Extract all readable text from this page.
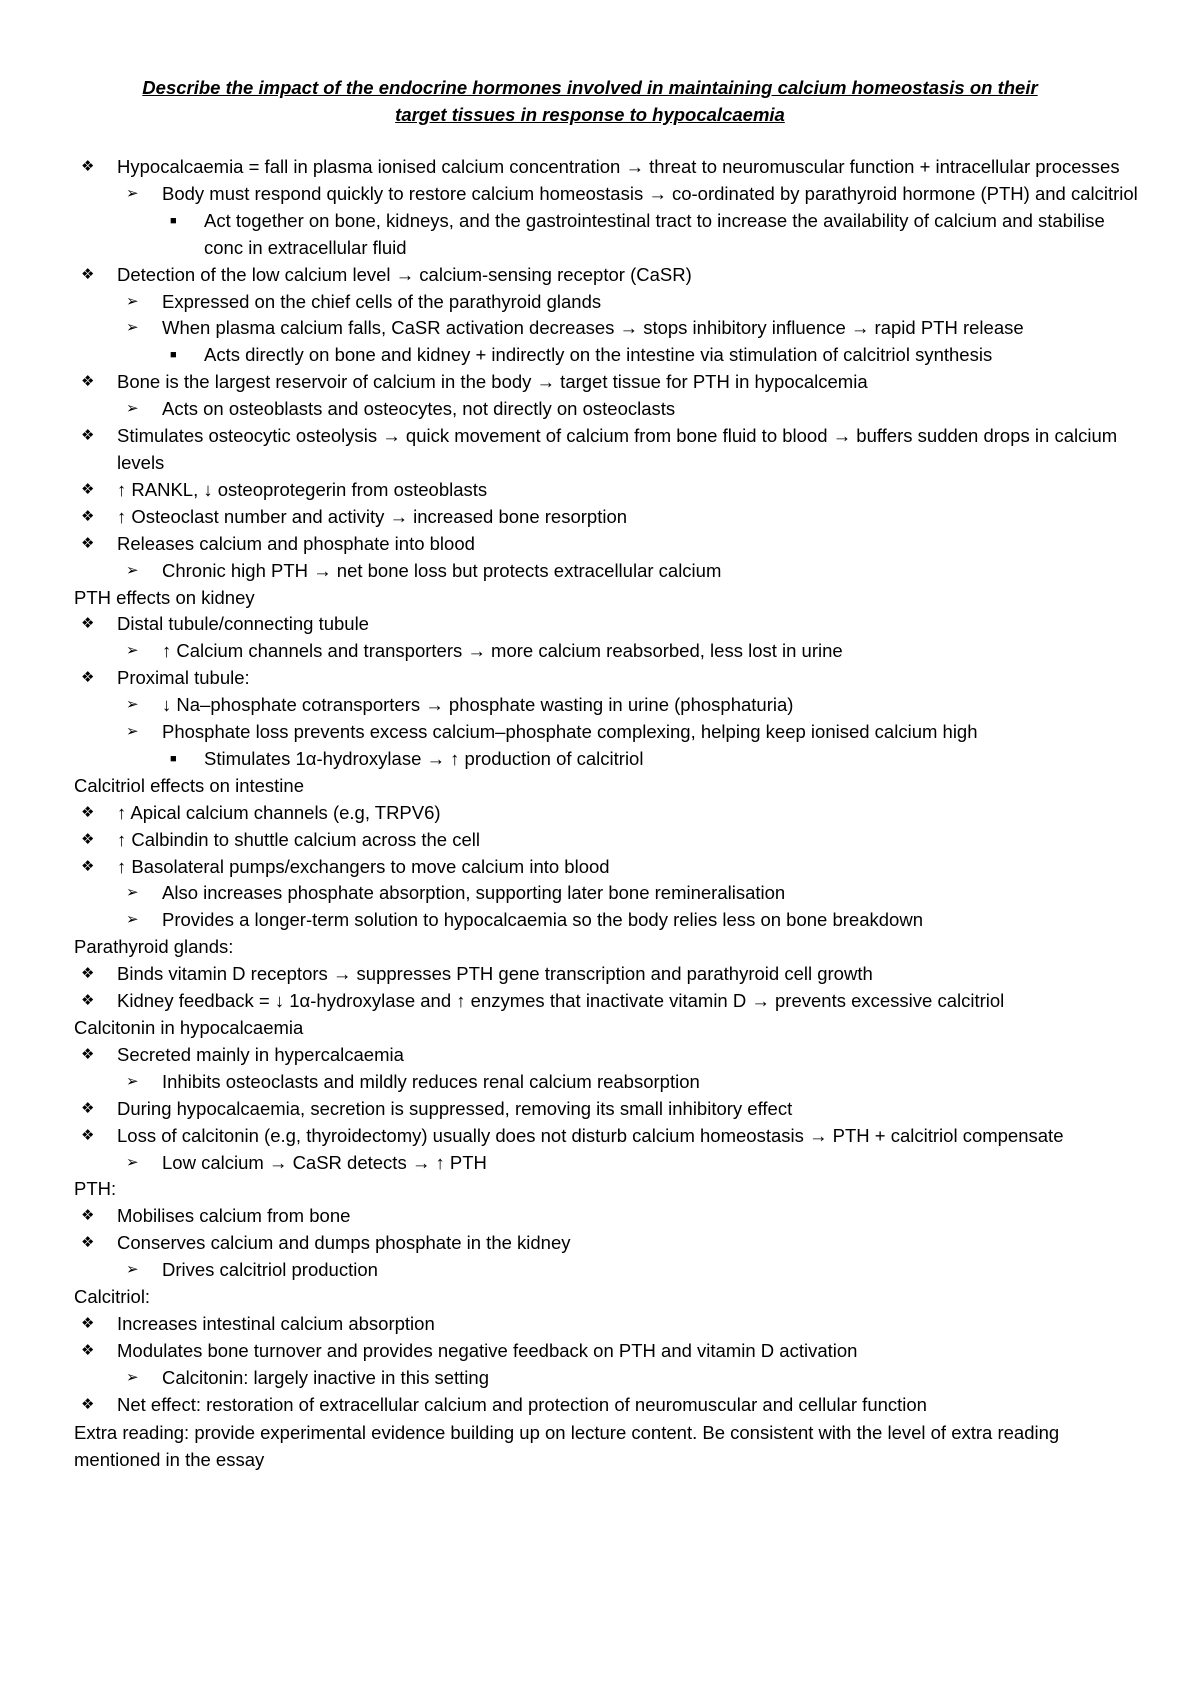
Describe the impact of the endocrine hormones involved in maintaining calcium homeostasis on their
target tissues in response to hypocalcaemia
❖ Hypocalcaemia = fall in plasma ionised calcium concentration → threat to neuromuscular function + intracellular processes
➢ Body must respond quickly to restore calcium homeostasis → co-ordinated by parathyroid hormone (PTH) and calcitriol
■ Act together on bone, kidneys, and the gastrointestinal tract to increase the availability of calcium and stabilise conc in extracellular fluid
❖ Detection of the low calcium level → calcium-sensing receptor (CaSR)
➢ Expressed on the chief cells of the parathyroid glands
➢ When plasma calcium falls, CaSR activation decreases → stops inhibitory influence → rapid PTH release
■ Acts directly on bone and kidney + indirectly on the intestine via stimulation of calcitriol synthesis
❖ Bone is the largest reservoir of calcium in the body → target tissue for PTH in hypocalcemia
➢ Acts on osteoblasts and osteocytes, not directly on osteoclasts
❖ Stimulates osteocytic osteolysis → quick movement of calcium from bone fluid to blood → buffers sudden drops in calcium levels
❖ ↑ RANKL, ↓ osteoprotegerin from osteoblasts
❖ ↑ Osteoclast number and activity → increased bone resorption
❖ Releases calcium and phosphate into blood
➢ Chronic high PTH → net bone loss but protects extracellular calcium
PTH effects on kidney
❖ Distal tubule/connecting tubule
➢ ↑ Calcium channels and transporters → more calcium reabsorbed, less lost in urine
❖ Proximal tubule:
➢ ↓ Na–phosphate cotransporters → phosphate wasting in urine (phosphaturia)
➢ Phosphate loss prevents excess calcium–phosphate complexing, helping keep ionised calcium high
■ Stimulates 1α-hydroxylase → ↑ production of calcitriol
Calcitriol effects on intestine
❖ ↑ Apical calcium channels (e.g, TRPV6)
❖ ↑ Calbindin to shuttle calcium across the cell
❖ ↑ Basolateral pumps/exchangers to move calcium into blood
➢ Also increases phosphate absorption, supporting later bone remineralisation
➢ Provides a longer-term solution to hypocalcaemia so the body relies less on bone breakdown
Parathyroid glands:
❖ Binds vitamin D receptors → suppresses PTH gene transcription and parathyroid cell growth
❖ Kidney feedback = ↓ 1α-hydroxylase and ↑ enzymes that inactivate vitamin D → prevents excessive calcitriol
Calcitonin in hypocalcaemia
❖ Secreted mainly in hypercalcaemia
➢ Inhibits osteoclasts and mildly reduces renal calcium reabsorption
❖ During hypocalcaemia, secretion is suppressed, removing its small inhibitory effect
❖ Loss of calcitonin (e.g, thyroidectomy) usually does not disturb calcium homeostasis → PTH + calcitriol compensate
➢ Low calcium → CaSR detects → ↑ PTH
PTH:
❖ Mobilises calcium from bone
❖ Conserves calcium and dumps phosphate in the kidney
➢ Drives calcitriol production
Calcitriol:
❖ Increases intestinal calcium absorption
❖ Modulates bone turnover and provides negative feedback on PTH and vitamin D activation
➢ Calcitonin: largely inactive in this setting
❖ Net effect: restoration of extracellular calcium and protection of neuromuscular and cellular function
Extra reading: provide experimental evidence building up on lecture content. Be consistent with the level of extra reading mentioned in the essay
